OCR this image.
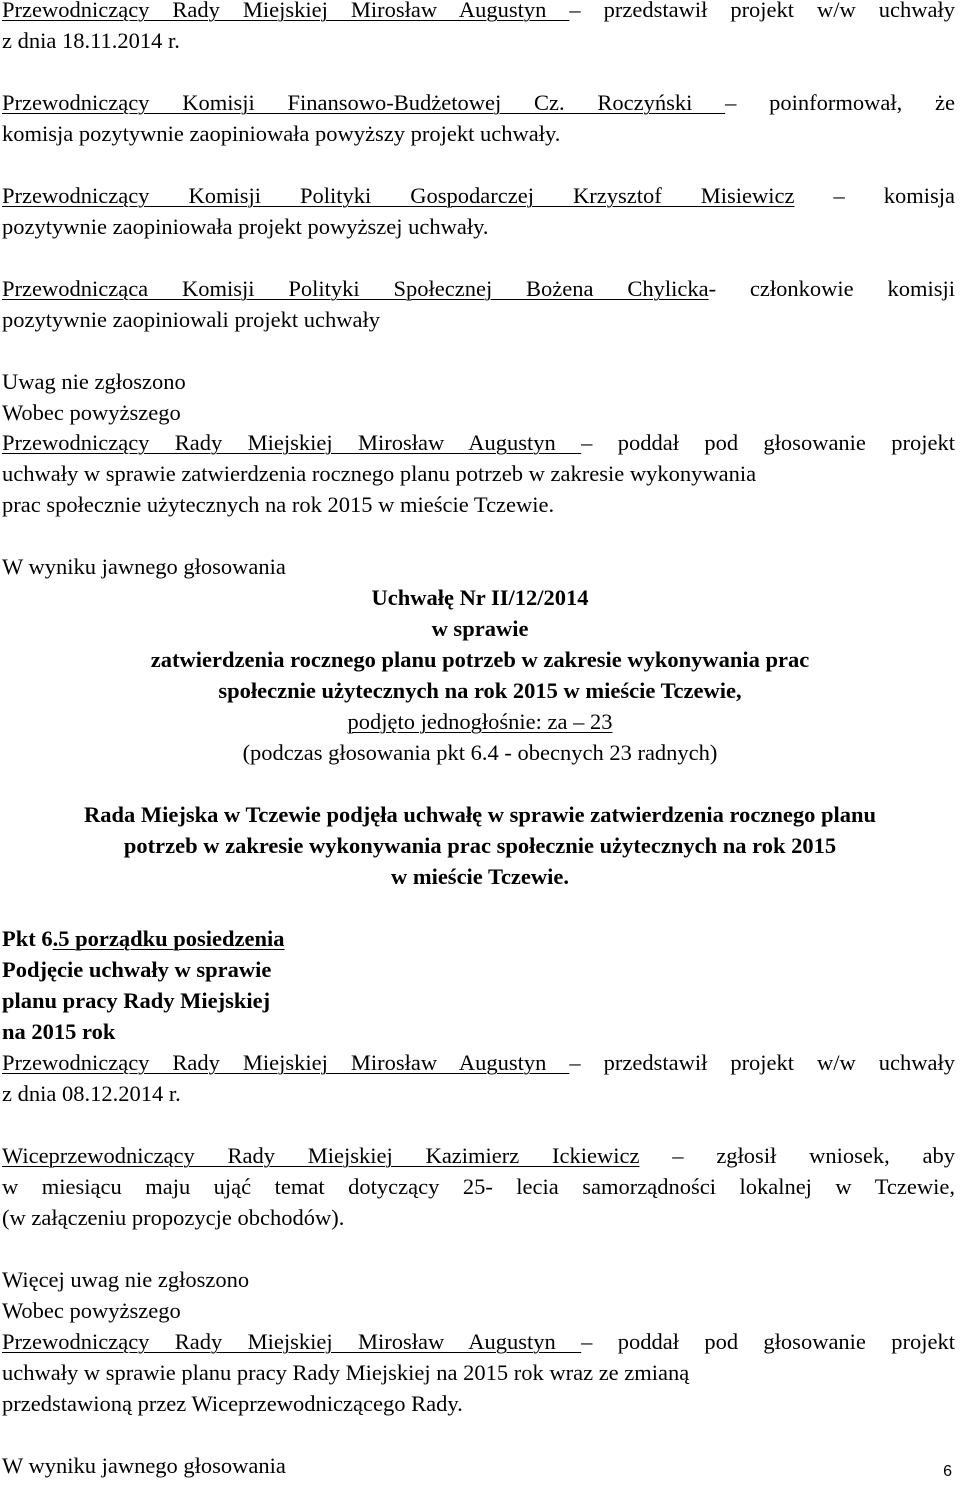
Przewodniczący Rady Miejskiej Mirosław Augustyn – przedstawił projekt w/w uchwały
z dnia 18.11.2014 r.
Przewodniczący Komisji Finansowo-Budżetowej Cz. Roczyński – poinformował, że
komisja pozytywnie zaopiniowała powyższy projekt uchwały.
Przewodniczący Komisji Polityki Gospodarczej Krzysztof Misiewicz – komisja
pozytywnie zaopiniowała projekt powyższej uchwały.
Przewodnicząca Komisji Polityki Społecznej Bożena Chylicka- członkowie komisji
pozytywnie zaopiniowali projekt uchwały
Uwag nie zgłoszono
Wobec powyższego
Przewodniczący Rady Miejskiej Mirosław Augustyn – poddał pod głosowanie projekt
uchwały w sprawie zatwierdzenia rocznego planu potrzeb w zakresie wykonywania
prac społecznie użytecznych na rok 2015 w mieście Tczewie.
W wyniku jawnego głosowania
Uchwałę Nr II/12/2014
w sprawie
zatwierdzenia rocznego planu potrzeb w zakresie wykonywania prac
społecznie użytecznych na rok 2015 w mieście Tczewie,
podjęto jednogłośnie: za – 23
(podczas głosowania pkt 6.4 - obecnych 23 radnych)
Rada Miejska w Tczewie podjęła uchwałę w sprawie zatwierdzenia rocznego planu
potrzeb w zakresie wykonywania prac społecznie użytecznych na rok 2015
w mieście Tczewie.
Pkt 6.5 porządku posiedzenia
Podjęcie uchwały w sprawie
planu pracy Rady Miejskiej
na 2015 rok
Przewodniczący Rady Miejskiej Mirosław Augustyn – przedstawił projekt w/w uchwały
z dnia 08.12.2014 r.
Wiceprzewodniczący Rady Miejskiej Kazimierz Ickiewicz – zgłosił wniosek, aby
w miesiącu maju ująć temat dotyczący 25- lecia samorządności lokalnej w Tczewie,
(w załączeniu propozycje obchodów).
Więcej uwag nie zgłoszono
Wobec powyższego
Przewodniczący Rady Miejskiej Mirosław Augustyn – poddał pod głosowanie projekt
uchwały w sprawie planu pracy Rady Miejskiej na 2015 rok wraz ze zmianą
przedstawioną przez Wiceprzewodniczącego Rady.
W wyniku jawnego głosowania	6
